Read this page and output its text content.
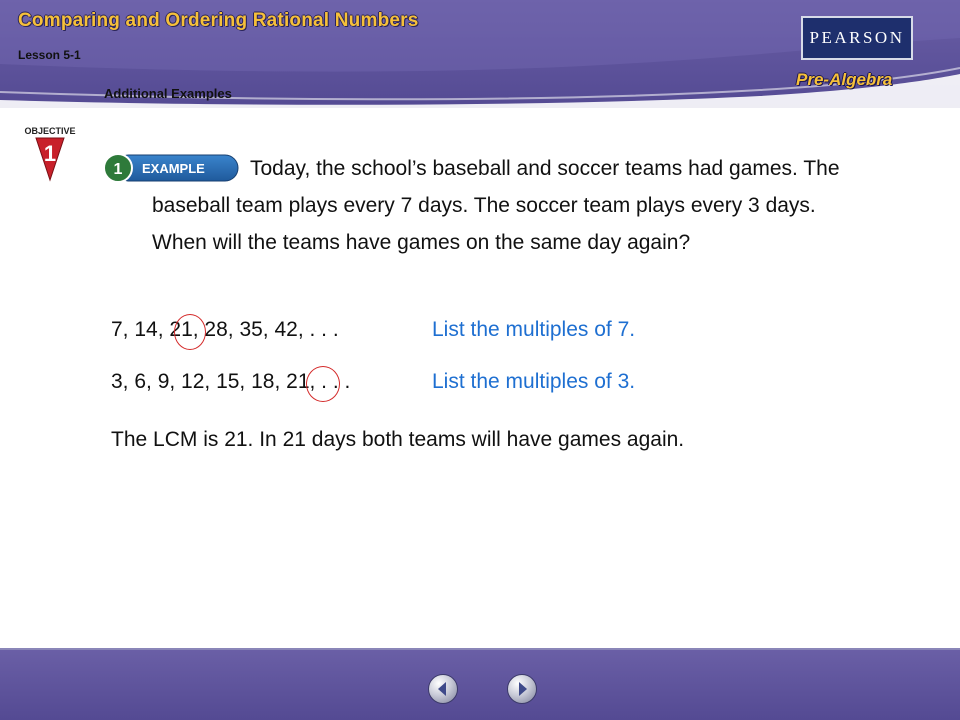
Comparing and Ordering Rational Numbers
Lesson 5-1
Additional Examples
PEARSON
Pre-Algebra
OBJECTIVE
1
1 EXAMPLE	Today, the school’s baseball and soccer teams had games. The baseball team plays every 7 days. The soccer team plays every 3 days. When will the teams have games on the same day again?

7, 14, 21, 28, 35, 42, . . .	List the multiples of 7.
3, 6, 9, 12, 15, 18, 21, . . .	List the multiples of 3.
The LCM is 21. In 21 days both teams will have games again.
